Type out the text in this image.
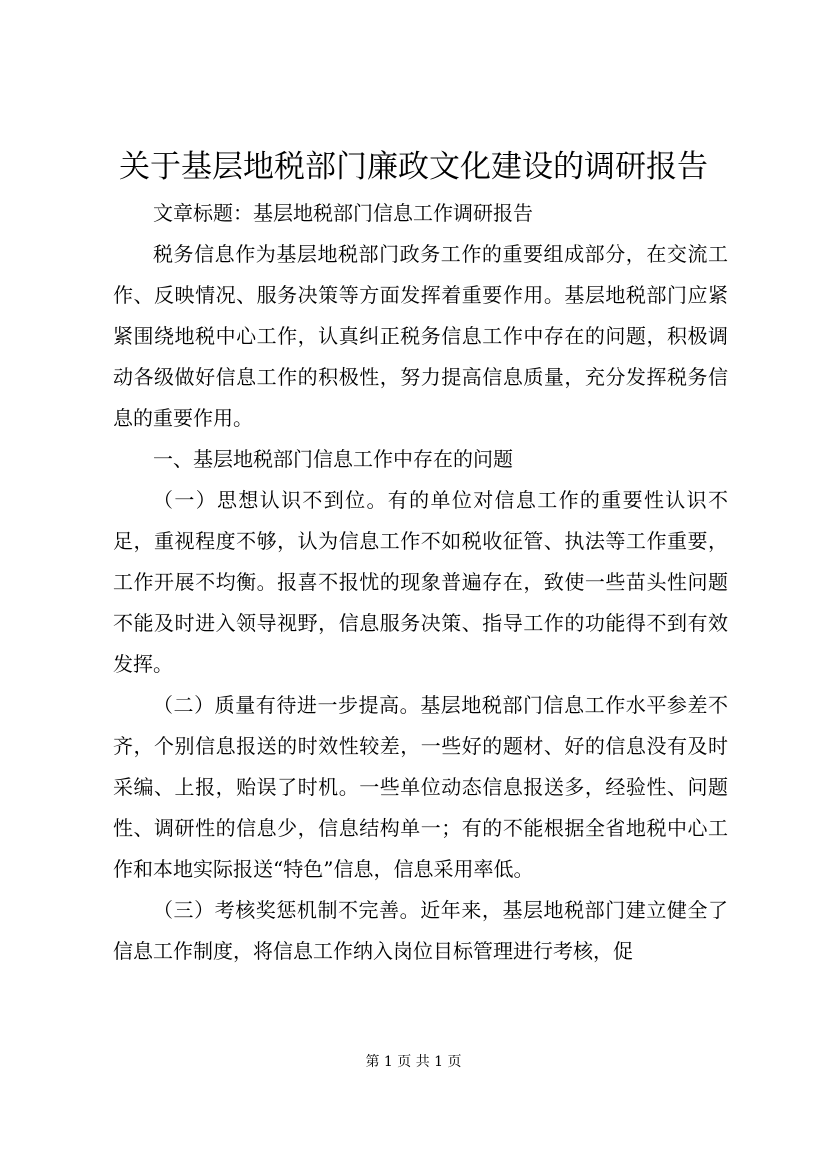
关于基层地税部门廉政文化建设的调研报告

文章标题：基层地税部门信息工作调研报告

税务信息作为基层地税部门政务工作的重要组成部分，在交流工作、反映情况、服务决策等方面发挥着重要作用。基层地税部门应紧紧围绕地税中心工作，认真纠正税务信息工作中存在的问题，积极调动各级做好信息工作的积极性，努力提高信息质量，充分发挥税务信息的重要作用。

一、基层地税部门信息工作中存在的问题

（一）思想认识不到位。有的单位对信息工作的重要性认识不足，重视程度不够，认为信息工作不如税收征管、执法等工作重要，工作开展不均衡。报喜不报忧的现象普遍存在，致使一些苗头性问题不能及时进入领导视野，信息服务决策、指导工作的功能得不到有效发挥。

（二）质量有待进一步提高。基层地税部门信息工作水平参差不齐，个别信息报送的时效性较差，一些好的题材、好的信息没有及时采编、上报，贻误了时机。一些单位动态信息报送多，经验性、问题性、调研性的信息少，信息结构单一；有的不能根据全省地税中心工作和本地实际报送“特色”信息，信息采用率低。

（三）考核奖惩机制不完善。近年来，基层地税部门建立健全了信息工作制度，将信息工作纳入岗位目标管理进行考核，促

第 1 页 共 1 页
